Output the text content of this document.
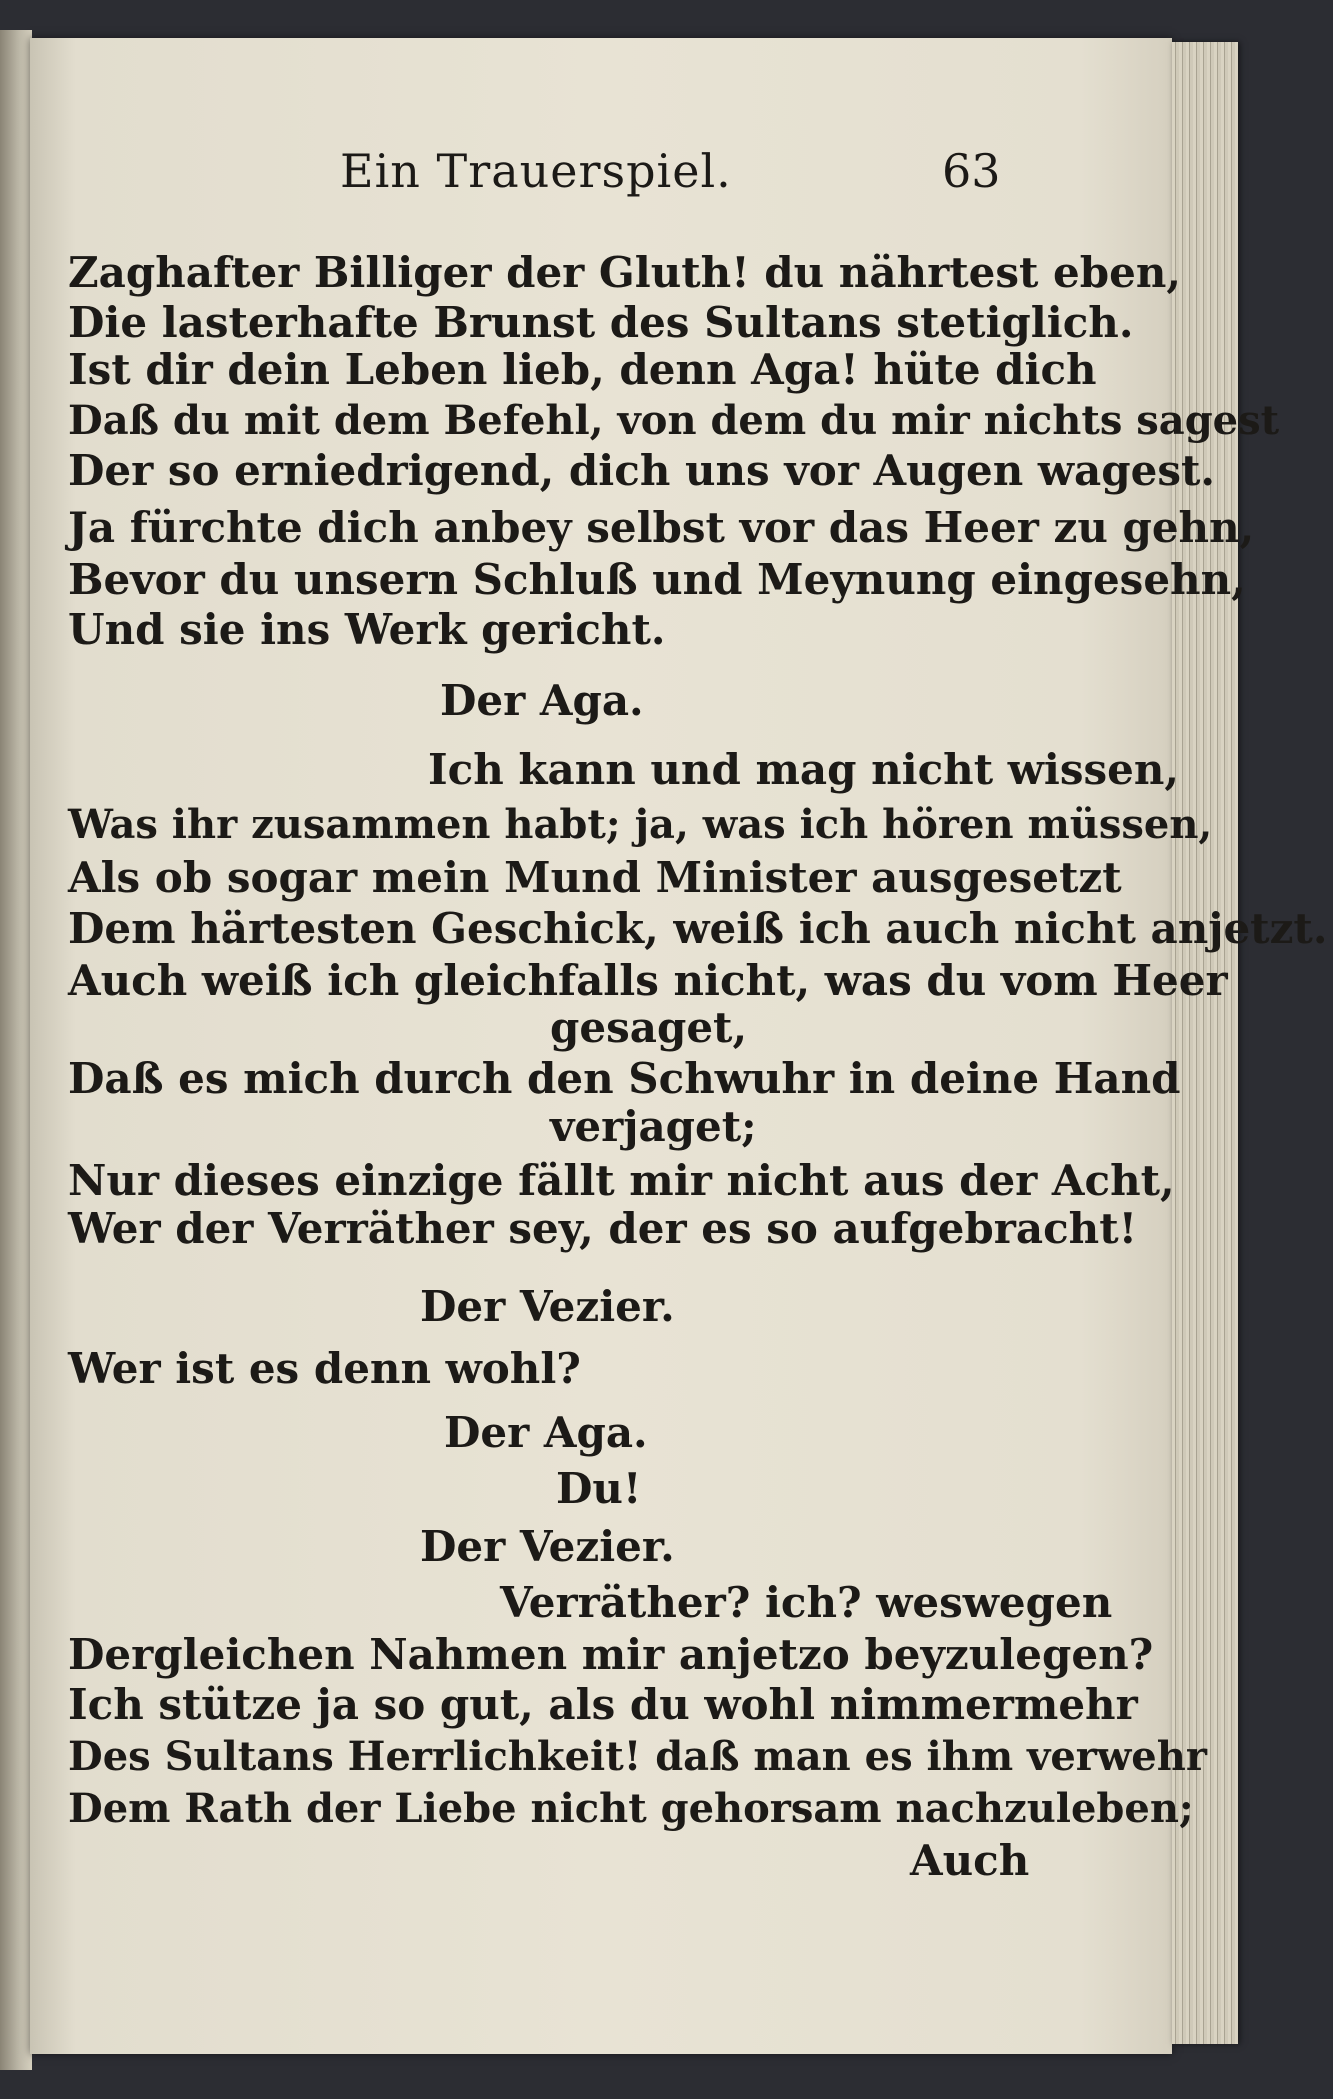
Ein Trauerspiel.	63
Zaghafter Billiger der Gluth! du nährtest eben,
Die lasterhafte Brunst des Sultans stetiglich.
Ist dir dein Leben lieb, denn Aga! hüte dich
Daß du mit dem Befehl, von dem du mir nichts sagest
Der so erniedrigend, dich uns vor Augen wagest.
Ja fürchte dich anbey selbst vor das Heer zu gehn,
Bevor du unsern Schluß und Meynung eingesehn,
Und sie ins Werk gericht.
Der Aga.
Ich kann und mag nicht wissen,
Was ihr zusammen habt; ja, was ich hören müssen,
Als ob sogar mein Mund Minister ausgesetzt
Dem härtesten Geschick, weiß ich auch nicht anjetzt.
Auch weiß ich gleichfalls nicht, was du vom Heer
gesaget,
Daß es mich durch den Schwuhr in deine Hand
verjaget;
Nur dieses einzige fällt mir nicht aus der Acht,
Wer der Verräther sey, der es so aufgebracht!
Der Vezier.
Wer ist es denn wohl?
Der Aga.
Du!
Der Vezier.
Verräther? ich? weswegen
Dergleichen Nahmen mir anjetzo beyzulegen?
Ich stütze ja so gut, als du wohl nimmermehr
Des Sultans Herrlichkeit! daß man es ihm verwehr
Dem Rath der Liebe nicht gehorsam nachzuleben;
Auch
